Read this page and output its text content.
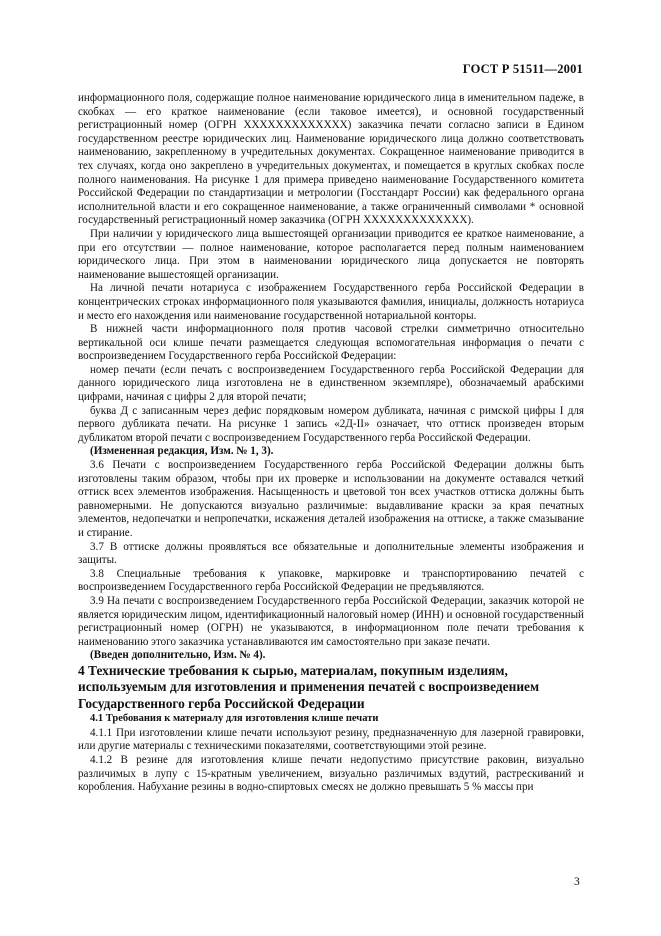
ГОСТ Р 51511—2001

информационного поля, содержащие полное наименование юридического лица в именительном падеже, в скобках — его краткое наименование (если таковое имеется), и основной государственный регистрационный номер (ОГРН XXXXXXXXXXXXX) заказчика печати согласно записи в Едином государственном реестре юридических лиц. Наименование юридического лица должно соответствовать наименованию, закрепленному в учредительных документах. Сокращенное наименование приводится в тех случаях, когда оно закреплено в учредительных документах, и помещается в круглых скобках после полного наименования. На рисунке 1 для примера приведено наименование Государственного комитета Российской Федерации по стандартизации и метрологии (Госстандарт России) как федерального органа исполнительной власти и его сокращенное наименование, а также ограниченный символами * основной государственный регистрационный номер заказчика (ОГРН XXXXXXXXXXXXX).

При наличии у юридического лица вышестоящей организации приводится ее краткое наименование, а при его отсутствии — полное наименование, которое располагается перед полным наименованием юридического лица. При этом в наименовании юридического лица допускается не повторять наименование вышестоящей организации.

На личной печати нотариуса с изображением Государственного герба Российской Федерации в концентрических строках информационного поля указываются фамилия, инициалы, должность нотариуса и место его нахождения или наименование государственной нотариальной конторы.

В нижней части информационного поля против часовой стрелки симметрично относительно вертикальной оси клише печати размещается следующая вспомогательная информация о печати с воспроизведением Государственного герба Российской Федерации:

номер печати (если печать с воспроизведением Государственного герба Российской Федерации для данного юридического лица изготовлена не в единственном экземпляре), обозначаемый арабскими цифрами, начиная с цифры 2 для второй печати;

буква Д с записанным через дефис порядковым номером дубликата, начиная с римской цифры I для первого дубликата печати. На рисунке 1 запись «2Д-II» означает, что оттиск произведен вторым дубликатом второй печати с воспроизведением Государственного герба Российской Федерации.

(Измененная редакция, Изм. № 1, 3).

3.6 Печати с воспроизведением Государственного герба Российской Федерации должны быть изготовлены таким образом, чтобы при их проверке и использовании на документе оставался четкий оттиск всех элементов изображения. Насыщенность и цветовой тон всех участков оттиска должны быть равномерными. Не допускаются визуально различимые: выдавливание краски за края печатных элементов, недопечатки и непропечатки, искажения деталей изображения на оттиске, а также смазывание и стирание.

3.7 В оттиске должны проявляться все обязательные и дополнительные элементы изображения и защиты.

3.8 Специальные требования к упаковке, маркировке и транспортированию печатей с воспроизведением Государственного герба Российской Федерации не предъявляются.

3.9 На печати с воспроизведением Государственного герба Российской Федерации, заказчик которой не является юридическим лицом, идентификационный налоговый номер (ИНН) и основной государственный регистрационный номер (ОГРН) не указываются, в информационном поле печати требования к наименованию этого заказчика устанавливаются им самостоятельно при заказе печати.

(Введен дополнительно, Изм. № 4).

4 Технические требования к сырью, материалам, покупным изделиям, используемым для изготовления и применения печатей с воспроизведением Государственного герба Российской Федерации

4.1 Требования к материалу для изготовления клише печати

4.1.1 При изготовлении клише печати используют резину, предназначенную для лазерной гравировки, или другие материалы с техническими показателями, соответствующими этой резине.

4.1.2 В резине для изготовления клише печати недопустимо присутствие раковин, визуально различимых в лупу с 15-кратным увеличением, визуально различимых вздутий, растрескиваний и коробления. Набухание резины в водно-спиртовых смесях не должно превышать 5 % массы при

3
